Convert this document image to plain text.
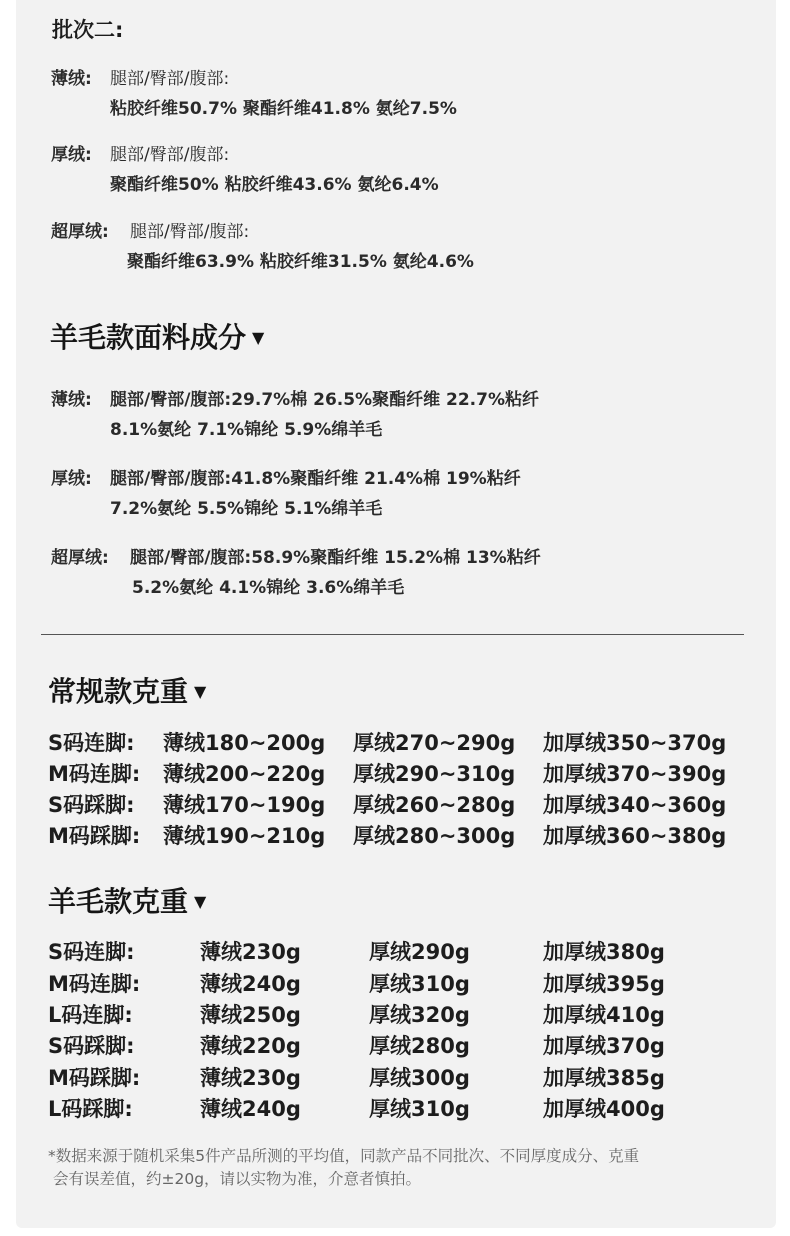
批次二:
薄绒: 腿部/臀部/腹部:
粘胶纤维50.7% 聚酯纤维41.8% 氨纶7.5%
厚绒: 腿部/臀部/腹部:
聚酯纤维50% 粘胶纤维43.6% 氨纶6.4%
超厚绒: 腿部/臀部/腹部:
聚酯纤维63.9% 粘胶纤维31.5% 氨纶4.6%
羊毛款面料成分 ▼
薄绒: 腿部/臀部/腹部:29.7%棉 26.5%聚酯纤维 22.7%粘纤
8.1%氨纶 7.1%锦纶 5.9%绵羊毛
厚绒: 腿部/臀部/腹部:41.8%聚酯纤维 21.4%棉 19%粘纤
7.2%氨纶 5.5%锦纶 5.1%绵羊毛
超厚绒: 腿部/臀部/腹部:58.9%聚酯纤维 15.2%棉 13%粘纤
5.2%氨纶 4.1%锦纶 3.6%绵羊毛
常规款克重 ▼
S码连脚: 薄绒180~200g 厚绒270~290g 加厚绒350~370g
M码连脚: 薄绒200~220g 厚绒290~310g 加厚绒370~390g
S码踩脚: 薄绒170~190g 厚绒260~280g 加厚绒340~360g
M码踩脚: 薄绒190~210g 厚绒280~300g 加厚绒360~380g
羊毛款克重 ▼
S码连脚:	薄绒230g	厚绒290g	加厚绒380g
M码连脚:	薄绒240g	厚绒310g	加厚绒395g
L码连脚:	薄绒250g	厚绒320g	加厚绒410g
S码踩脚:	薄绒220g	厚绒280g	加厚绒370g
M码踩脚:	薄绒230g	厚绒300g	加厚绒385g
L码踩脚:	薄绒240g	厚绒310g	加厚绒400g
*数据来源于随机采集5件产品所测的平均值，同款产品不同批次、不同厚度成分、克重
会有误差值，约±20g，请以实物为准，介意者慎拍。
